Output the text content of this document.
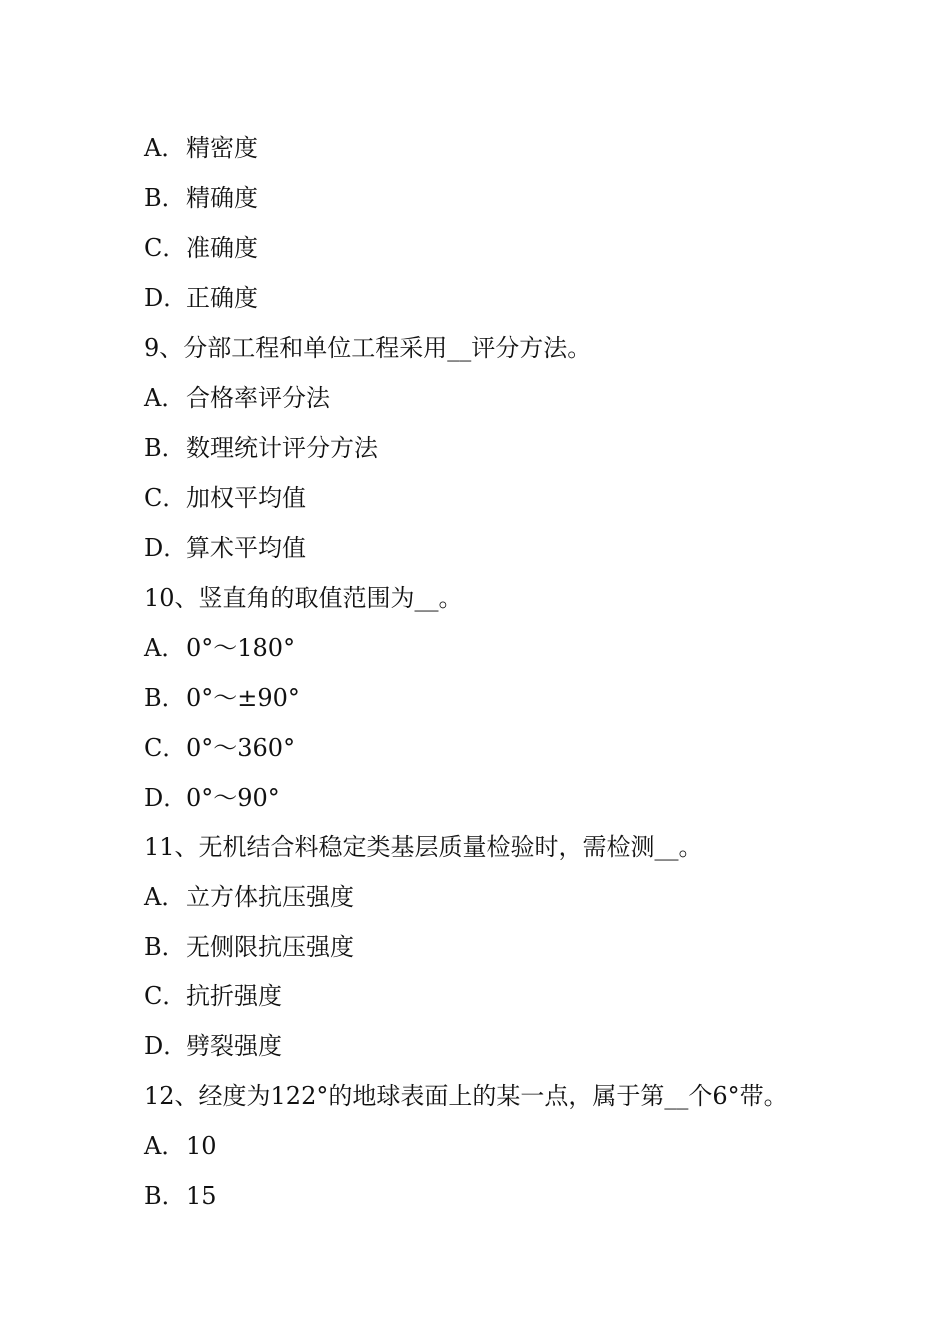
A．精密度
B．精确度
C．准确度
D．正确度
9、分部工程和单位工程采用__评分方法。
A．合格率评分法
B．数理统计评分方法
C．加权平均值
D．算术平均值
10、竖直角的取值范围为__。
A．0°～180°
B．0°～±90°
C．0°～360°
D．0°～90°
11、无机结合料稳定类基层质量检验时，需检测__。
A．立方体抗压强度
B．无侧限抗压强度
C．抗折强度
D．劈裂强度
12、经度为122°的地球表面上的某一点，属于第__个6°带。
A．10
B．15
